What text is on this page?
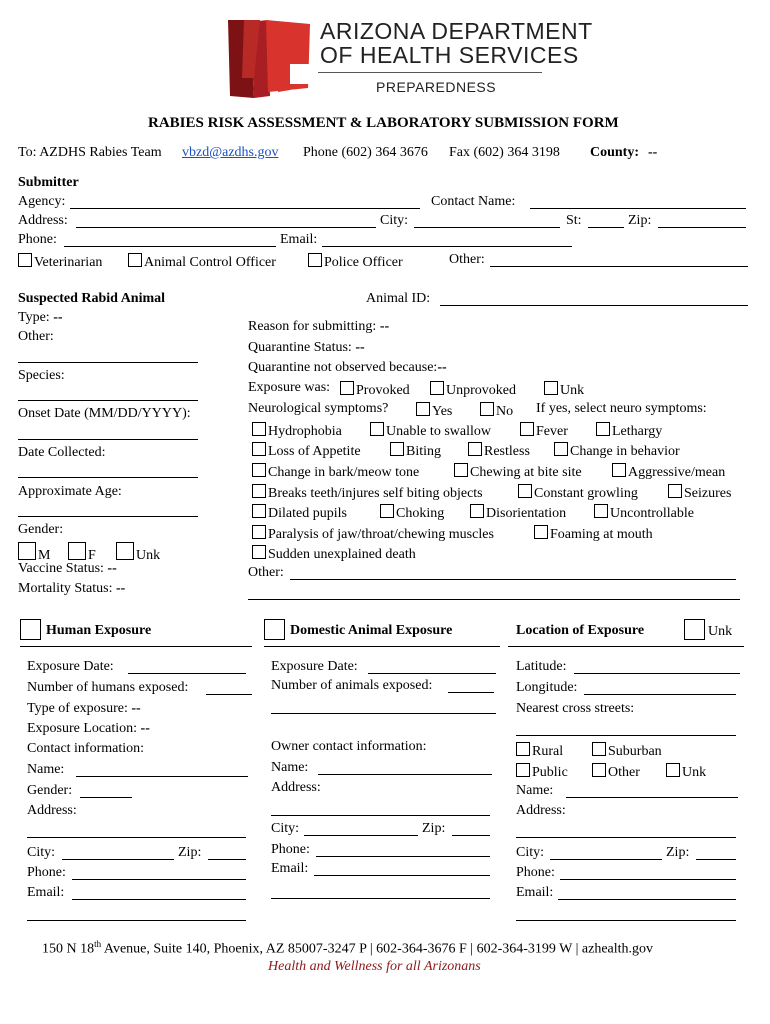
ARIZONA DEPARTMENT
OF HEALTH SERVICES
PREPAREDNESS
RABIES RISK ASSESSMENT & LABORATORY SUBMISSION FORM
To: AZDHS Rabies Team vbzd@azdhs.gov Phone (602) 364 3676 Fax (602) 364 3198 County: --
Submitter
Agency:	Contact Name:
Address:	City:	St:	Zip:
Phone:	Email:
Veterinarian	Animal Control Officer	Police Officer	Other:
Suspected Rabid Animal
Type: --
Other:
Species:
Onset Date (MM/DD/YYYY):
Date Collected:
Approximate Age:
Gender:
M	F	Unk
Vaccine Status: --
Mortality Status: --
Animal ID:
Reason for submitting: --
Quarantine Status: --
Quarantine not observed because:--
Exposure was:	Provoked	Unprovoked	Unk
Neurological symptoms?	Yes	No If yes, select neuro symptoms:
Hydrophobia	Unable to swallow	Fever	Lethargy
Loss of Appetite	Biting	Restless	Change in behavior
Change in bark/meow tone	Chewing at bite site	Aggressive/mean
Breaks teeth/injures self biting objects	Constant growling	Seizures
Dilated pupils	Choking	Disorientation	Uncontrollable
Paralysis of jaw/throat/chewing muscles	Foaming at mouth
Sudden unexplained death
Other:
Human Exposure
Exposure Date:
Number of humans exposed:
Type of exposure: --
Exposure Location: --
Contact information:
Name:
Gender:
Address:
City:	Zip:
Phone:
Email:
Domestic Animal Exposure
Exposure Date:
Number of animals exposed:
Owner contact information:
Name:
Address:
City:	Zip:
Phone:
Email:
Location of Exposure	Unk
Latitude:
Longitude:
Nearest cross streets:
Rural	Suburban
Public	Other	Unk
Name:
Address:
City:	Zip:
Phone:
Email:
150 N 18th Avenue, Suite 140, Phoenix, AZ 85007-3247 P | 602-364-3676 F | 602-364-3199 W | azhealth.gov
Health and Wellness for all Arizonans
